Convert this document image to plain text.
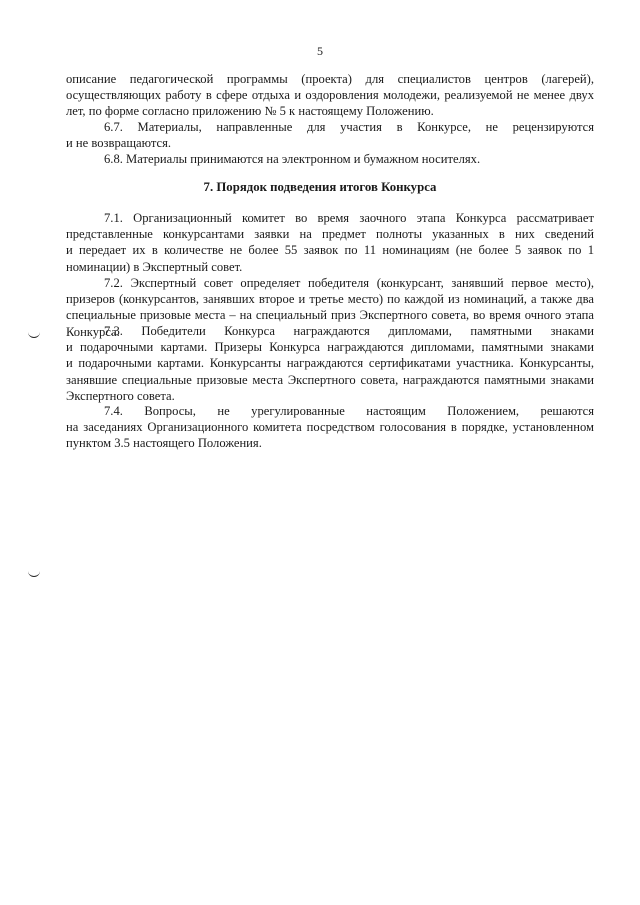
5
описание педагогической программы (проекта) для специалистов центров (лагерей),
осуществляющих работу в сфере отдыха и оздоровления молодежи, реализуемой не менее двух
лет, по форме согласно приложению № 5 к настоящему Положению.
6.7. Материалы, направленные для участия в Конкурсе, не рецензируются
и не возвращаются.
6.8. Материалы принимаются на электронном и бумажном носителях.
7. Порядок подведения итогов Конкурса
7.1. Организационный комитет во время заочного этапа Конкурса рассматривает
представленные конкурсантами заявки на предмет полноты указанных в них сведений
и передает их в количестве не более 55 заявок по 11 номинациям (не более 5 заявок по 1
номинации) в Экспертный совет.
7.2. Экспертный совет определяет победителя (конкурсант, занявший первое место),
призеров (конкурсантов, занявших второе и третье место) по каждой из номинаций, а также два
специальные призовые места – на специальный приз Экспертного совета, во время очного этапа
Конкурса.
7.3. Победители Конкурса награждаются дипломами, памятными знаками
и подарочными картами. Призеры Конкурса награждаются дипломами, памятными знаками
и подарочными картами. Конкурсанты награждаются сертификатами участника. Конкурсанты,
занявшие специальные призовые места Экспертного совета, награждаются памятными знаками
Экспертного совета.
7.4. Вопросы, не урегулированные настоящим Положением, решаются
на заседаниях Организационного комитета посредством голосования в порядке, установленном
пунктом 3.5 настоящего Положения.
